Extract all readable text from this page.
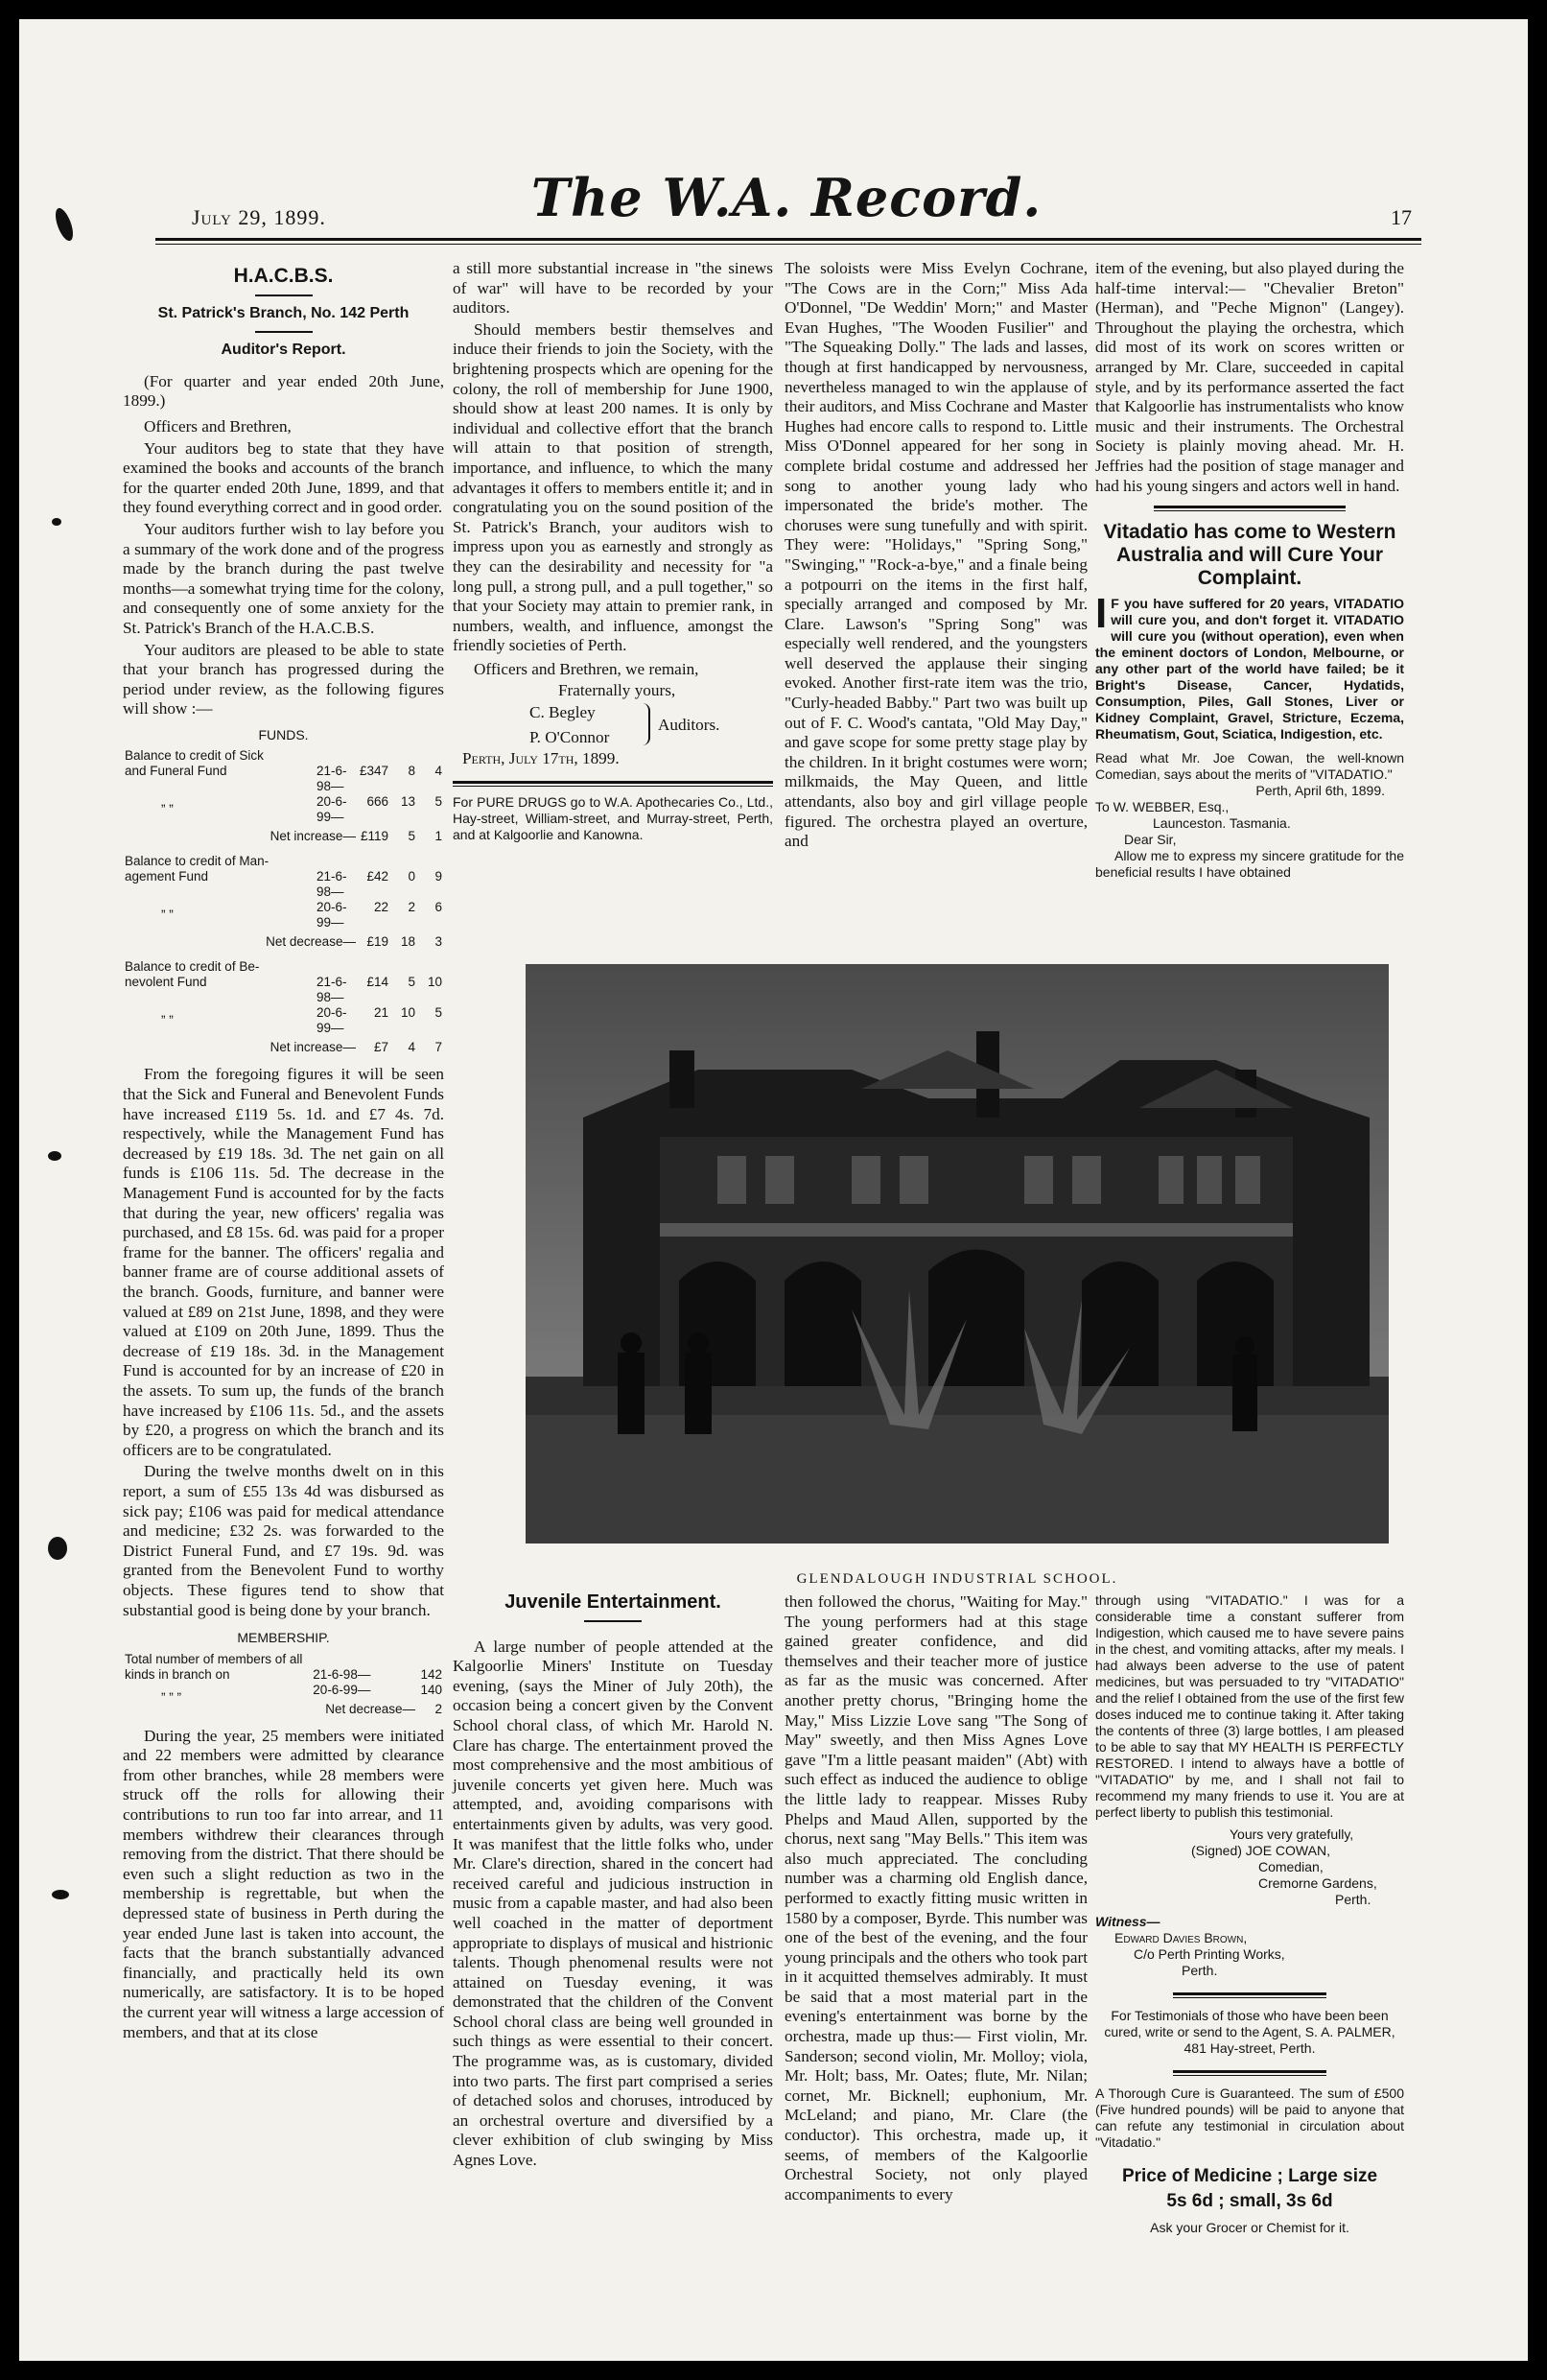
July 29, 1899.	The W.A. Record.	17
H.A.C.B.S.
St. Patrick's Branch, No. 142 Perth
Auditor's Report.

(For quarter and year ended 20th June, 1899.)

Officers and Brethren,

Your auditors beg to state that they have examined the books and accounts of the branch for the quarter ended 20th June, 1899, and that they found everything correct and in good order.

Your auditors further wish to lay before you a summary of the work done and of the progress made by the branch during the past twelve months—a somewhat trying time for the colony, and consequently one of some anxiety for the St. Patrick's Branch of the H.A.C.B.S.

Your auditors are pleased to be able to state that your branch has progressed during the period under review, as the following figures will show :—

FUNDS.
Balance to credit of Sick				
and Funeral Fund	21-6-98—	£347	8	4
„ „	20-6-99—	666	13	5
Net increase—		£119	5	1
Balance to credit of Man-				
agement Fund	21-6-98—	£42	0	9
„ „	20-6-99—	22	2	6
Net decrease—		£19	18	3
Balance to credit of Be-				
nevolent Fund	21-6-98—	£14	5	10
„ „	20-6-99—	21	10	5
Net increase—		£7	4	7

From the foregoing figures it will be seen that the Sick and Funeral and Benevolent Funds have increased £119 5s. 1d. and £7 4s. 7d. respectively, while the Management Fund has decreased by £19 18s. 3d. The net gain on all funds is £106 11s. 5d. The decrease in the Management Fund is accounted for by the facts that during the year, new officers' regalia was purchased, and £8 15s. 6d. was paid for a proper frame for the banner. The officers' regalia and banner frame are of course additional assets of the branch. Goods, furniture, and banner were valued at £89 on 21st June, 1898, and they were valued at £109 on 20th June, 1899. Thus the decrease of £19 18s. 3d. in the Management Fund is accounted for by an increase of £20 in the assets. To sum up, the funds of the branch have increased by £106 11s. 5d., and the assets by £20, a progress on which the branch and its officers are to be congratulated.

During the twelve months dwelt on in this report, a sum of £55 13s 4d was disbursed as sick pay; £106 was paid for medical attendance and medicine; £32 2s. was forwarded to the District Funeral Fund, and £7 19s. 9d. was granted from the Benevolent Fund to worthy objects. These figures tend to show that substantial good is being done by your branch.

MEMBERSHIP.
Total number of members of all		
kinds in branch on	21-6-98—	142
„ „ „	20-6-99—	140
Net decrease—		2

During the year, 25 members were initiated and 22 members were admitted by clearance from other branches, while 28 members were struck off the rolls for allowing their contributions to run too far into arrear, and 11 members withdrew their clearances through removing from the district. That there should be even such a slight reduction as two in the membership is regrettable, but when the depressed state of business in Perth during the year ended June last is taken into account, the facts that the branch substantially advanced financially, and practically held its own numerically, are satisfactory. It is to be hoped the current year will witness a large accession of members, and that at its close

a still more substantial increase in "the sinews of war" will have to be recorded by your auditors.

Should members bestir themselves and induce their friends to join the Society, with the brightening prospects which are opening for the colony, the roll of membership for June 1900, should show at least 200 names. It is only by individual and collective effort that the branch will attain to that position of strength, importance, and influence, to which the many advantages it offers to members entitle it; and in congratulating you on the sound position of the St. Patrick's Branch, your auditors wish to impress upon you as earnestly and strongly as they can the desirability and necessity for "a long pull, a strong pull, and a pull together," so that your Society may attain to premier rank, in numbers, wealth, and influence, amongst the friendly societies of Perth.

Officers and Brethren, we remain,

Fraternally yours,
C. Begley
P. O'Connor
Auditors.
Perth, July 17th, 1899.
For PURE DRUGS go to W.A. Apothecaries Co., Ltd., Hay-street, William-street, and Murray-street, Perth, and at Kalgoorlie and Kanowna.

The soloists were Miss Evelyn Cochrane, "The Cows are in the Corn;" Miss Ada O'Donnel, "De Weddin' Morn;" and Master Evan Hughes, "The Wooden Fusilier" and "The Squeaking Dolly." The lads and lasses, though at first handicapped by nervousness, nevertheless managed to win the applause of their auditors, and Miss Cochrane and Master Hughes had encore calls to respond to. Little Miss O'Donnel appeared for her song in complete bridal costume and addressed her song to another young lady who impersonated the bride's mother. The choruses were sung tunefully and with spirit. They were: "Holidays," "Spring Song," "Swinging," "Rock-a-bye," and a finale being a potpourri on the items in the first half, specially arranged and composed by Mr. Clare. Lawson's "Spring Song" was especially well rendered, and the youngsters well deserved the applause their singing evoked. Another first-rate item was the trio, "Curly-headed Babby." Part two was built up out of F. C. Wood's cantata, "Old May Day," and gave scope for some pretty stage play by the children. In it bright costumes were worn; milkmaids, the May Queen, and little attendants, also boy and girl village people figured. The orchestra played an overture, and

item of the evening, but also played during the half-time interval:— "Chevalier Breton" (Herman), and "Peche Mignon" (Langey). Throughout the playing the orchestra, which did most of its work on scores written or arranged by Mr. Clare, succeeded in capital style, and by its performance asserted the fact that Kalgoorlie has instrumentalists who know music and their instruments. The Orchestral Society is plainly moving ahead. Mr. H. Jeffries had the position of stage manager and had his young singers and actors well in hand.

Vitadatio has come to Western Australia and will Cure Your Complaint.
I F you have suffered for 20 years, VITADATIO will cure you, and don't forget it. VITADATIO will cure you (without operation), even when the eminent doctors of London, Melbourne, or any other part of the world have failed; be it Bright's Disease, Cancer, Hydatids, Consumption, Piles, Gall Stones, Liver or Kidney Complaint, Gravel, Stricture, Eczema, Rheumatism, Gout, Sciatica, Indigestion, etc.
Read what Mr. Joe Cowan, the well-known Comedian, says about the merits of "VITADATIO."
Perth, April 6th, 1899.
To W. WEBBER, Esq.,
Launceston. Tasmania.
Dear Sir,
Allow me to express my sincere gratitude for the beneficial results I have obtained
GLENDALOUGH INDUSTRIAL SCHOOL.
Juvenile Entertainment.

A large number of people attended at the Kalgoorlie Miners' Institute on Tuesday evening, (says the Miner of July 20th), the occasion being a concert given by the Convent School choral class, of which Mr. Harold N. Clare has charge. The entertainment proved the most comprehensive and the most ambitious of juvenile concerts yet given here. Much was attempted, and, avoiding comparisons with entertainments given by adults, was very good. It was manifest that the little folks who, under Mr. Clare's direction, shared in the concert had received careful and judicious instruction in music from a capable master, and had also been well coached in the matter of deportment appropriate to displays of musical and histrionic talents. Though phenomenal results were not attained on Tuesday evening, it was demonstrated that the children of the Convent School choral class are being well grounded in such things as were essential to their concert. The programme was, as is customary, divided into two parts. The first part comprised a series of detached solos and choruses, introduced by an orchestral overture and diversified by a clever exhibition of club swinging by Miss Agnes Love.

then followed the chorus, "Waiting for May." The young performers had at this stage gained greater confidence, and did themselves and their teacher more of justice as far as the music was concerned. After another pretty chorus, "Bringing home the May," Miss Lizzie Love sang "The Song of May" sweetly, and then Miss Agnes Love gave "I'm a little peasant maiden" (Abt) with such effect as induced the audience to oblige the little lady to reappear. Misses Ruby Phelps and Maud Allen, supported by the chorus, next sang "May Bells." This item was also much appreciated. The concluding number was a charming old English dance, performed to exactly fitting music written in 1580 by a composer, Byrde. This number was one of the best of the evening, and the four young principals and the others who took part in it acquitted themselves admirably. It must be said that a most material part in the evening's entertainment was borne by the orchestra, made up thus:— First violin, Mr. Sanderson; second violin, Mr. Molloy; viola, Mr. Holt; bass, Mr. Oates; flute, Mr. Nilan; cornet, Mr. Bicknell; euphonium, Mr. McLeland; and piano, Mr. Clare (the conductor). This orchestra, made up, it seems, of members of the Kalgoorlie Orchestral Society, not only played accompaniments to every

through using "VITADATIO." I was for a considerable time a constant sufferer from Indigestion, which caused me to have severe pains in the chest, and vomiting attacks, after my meals. I had always been adverse to the use of patent medicines, but was persuaded to try "VITADATIO" and the relief I obtained from the use of the first few doses induced me to continue taking it. After taking the contents of three (3) large bottles, I am pleased to be able to say that MY HEALTH IS PERFECTLY RESTORED. I intend to always have a bottle of "VITADATIO" by me, and I shall not fail to recommend my many friends to use it. You are at perfect liberty to publish this testimonial.
Yours very gratefully,
(Signed) JOE COWAN,
Comedian,
Cremorne Gardens,
Perth.
Witness—
Edward Davies Brown,
C/o Perth Printing Works,
Perth.
For Testimonials of those who have been been cured, write or send to the Agent, S. A. PALMER, 481 Hay-street, Perth.
A Thorough Cure is Guaranteed. The sum of £500 (Five hundred pounds) will be paid to anyone that can refute any testimonial in circulation about "Vitadatio."
Price of Medicine ; Large size
5s 6d ; small, 3s 6d
Ask your Grocer or Chemist for it.
